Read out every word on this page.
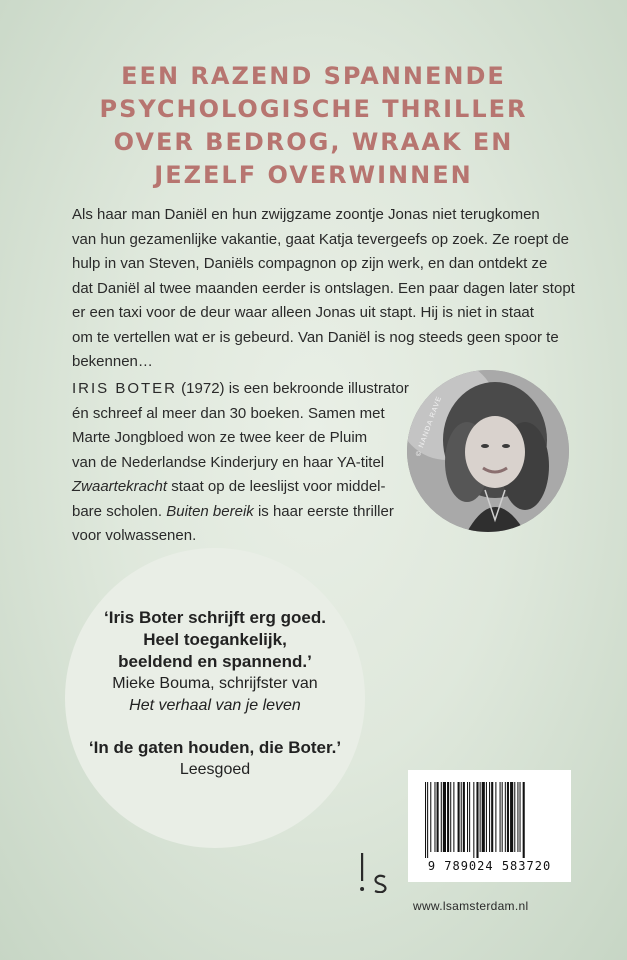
EEN RAZEND SPANNENDE
PSYCHOLOGISCHE THRILLER
OVER BEDROG, WRAAK EN
JEZELF OVERWINNEN
Als haar man Daniël en hun zwijgzame zoontje Jonas niet terugkomen
van hun gezamenlijke vakantie, gaat Katja tevergeefs op zoek. Ze roept de
hulp in van Steven, Daniëls compagnon op zijn werk, en dan ontdekt ze
dat Daniël al twee maanden eerder is ontslagen. Een paar dagen later stopt
er een taxi voor de deur waar alleen Jonas uit stapt. Hij is niet in staat
om te vertellen wat er is gebeurd. Van Daniël is nog steeds geen spoor te
bekennen…
IRIS BOTER (1972) is een bekroonde illustrator
én schreef al meer dan 30 boeken. Samen met
Marte Jongbloed won ze twee keer de Pluim
van de Nederlandse Kinderjury en haar YA-titel
Zwaartekracht staat op de leeslijst voor middel-
bare scholen. Buiten bereik is haar eerste thriller
voor volwassenen.
© NANDA RAVE
‘Iris Boter schrijft erg goed.
Heel toegankelijk,
beeldend en spannend.’
Mieke Bouma, schrijfster van
Het verhaal van je leven
‘In de gaten houden, die Boter.’
Leesgoed
9 789024 583720
www.lsamsterdam.nl
